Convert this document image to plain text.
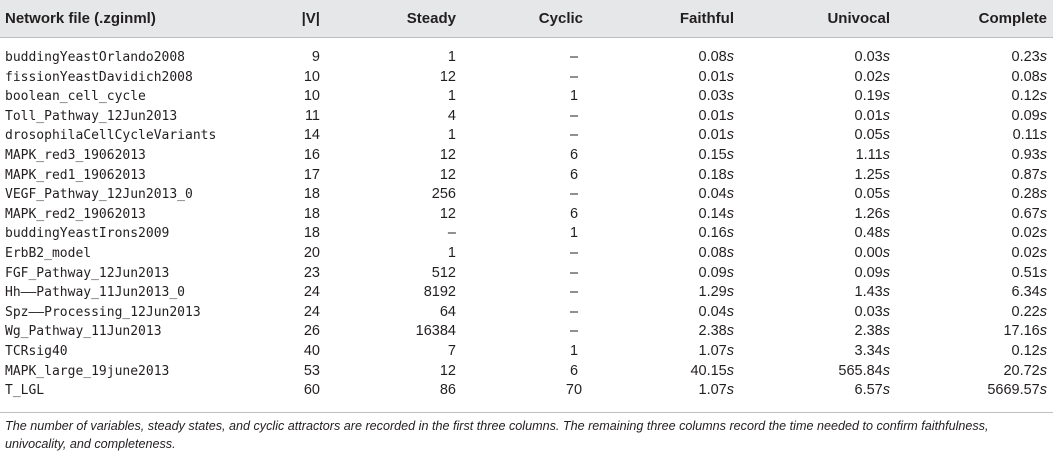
Network file (.zginml)	|V|	Steady	Cyclic	Faithful	Univocal	Complete
buddingYeastOrlando2008	9	1	–	0.08s	0.03s	0.23s
fissionYeastDavidich2008	10	12	–	0.01s	0.02s	0.08s
boolean_cell_cycle	10	1	1	0.03s	0.19s	0.12s
Toll_Pathway_12Jun2013	11	4	–	0.01s	0.01s	0.09s
drosophilaCellCycleVariants	14	1	–	0.01s	0.05s	0.11s
MAPK_red3_19062013	16	12	6	0.15s	1.11s	0.93s
MAPK_red1_19062013	17	12	6	0.18s	1.25s	0.87s
VEGF_Pathway_12Jun2013_0	18	256	–	0.04s	0.05s	0.28s
MAPK_red2_19062013	18	12	6	0.14s	1.26s	0.67s
buddingYeastIrons2009	18	–	1	0.16s	0.48s	0.02s
ErbB2_model	20	1	–	0.08s	0.00s	0.02s
FGF_Pathway_12Jun2013	23	512	–	0.09s	0.09s	0.51s
Hh——Pathway_11Jun2013_0	24	8192	–	1.29s	1.43s	6.34s
Spz——Processing_12Jun2013	24	64	–	0.04s	0.03s	0.22s
Wg_Pathway_11Jun2013	26	16384	–	2.38s	2.38s	17.16s
TCRsig40	40	7	1	1.07s	3.34s	0.12s
MAPK_large_19june2013	53	12	6	40.15s	565.84s	20.72s
T_LGL	60	86	70	1.07s	6.57s	5669.57s
The number of variables, steady states, and cyclic attractors are recorded in the first three columns. The remaining three columns record the time needed to confirm faithfulness, univocality, and completeness.
